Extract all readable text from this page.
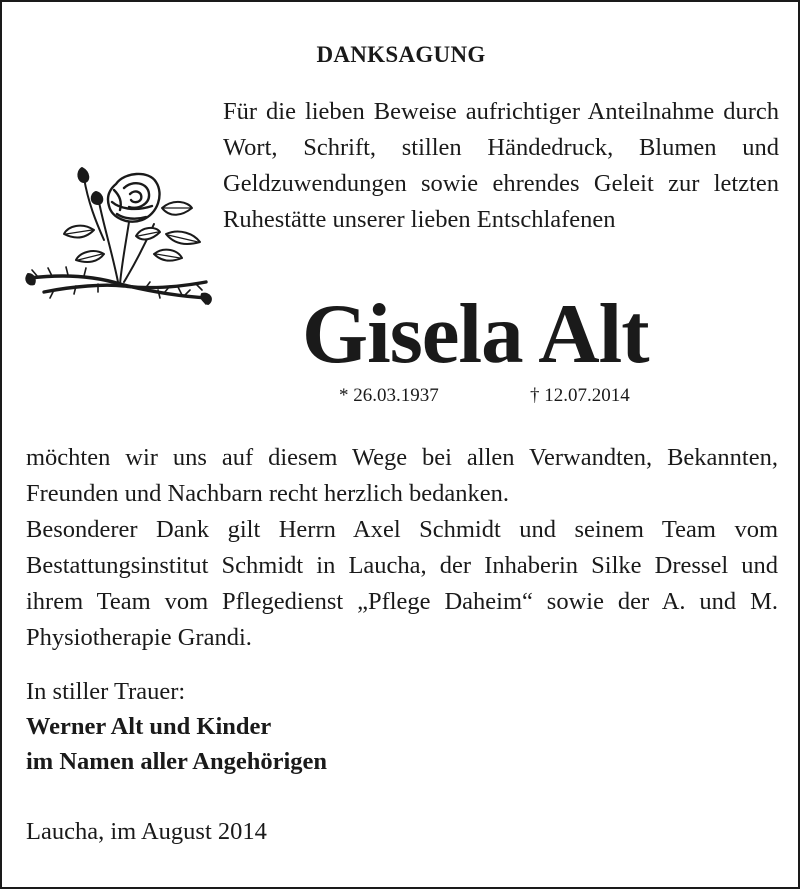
DANKSAGUNG
Für die lieben Beweise aufrichtiger Anteilnahme durch Wort, Schrift, stillen Händedruck, Blumen und Geldzuwendungen sowie ehrendes Geleit zur letzten Ruhestätte unserer lieben Entschlafenen
Gisela Alt
* 26.03.1937	† 12.07.2014

möchten wir uns auf diesem Wege bei allen Verwandten, Bekannten, Freunden und Nachbarn recht herzlich bedanken.

Besonderer Dank gilt Herrn Axel Schmidt und seinem Team vom Bestattungsinstitut Schmidt in Laucha, der Inhaberin Silke Dressel und ihrem Team vom Pflegedienst „Pflege Daheim“ sowie der A. und M. Physiotherapie Grandi.

In stiller Trauer:
Werner Alt und Kinder
im Namen aller Angehörigen
Laucha, im August 2014
